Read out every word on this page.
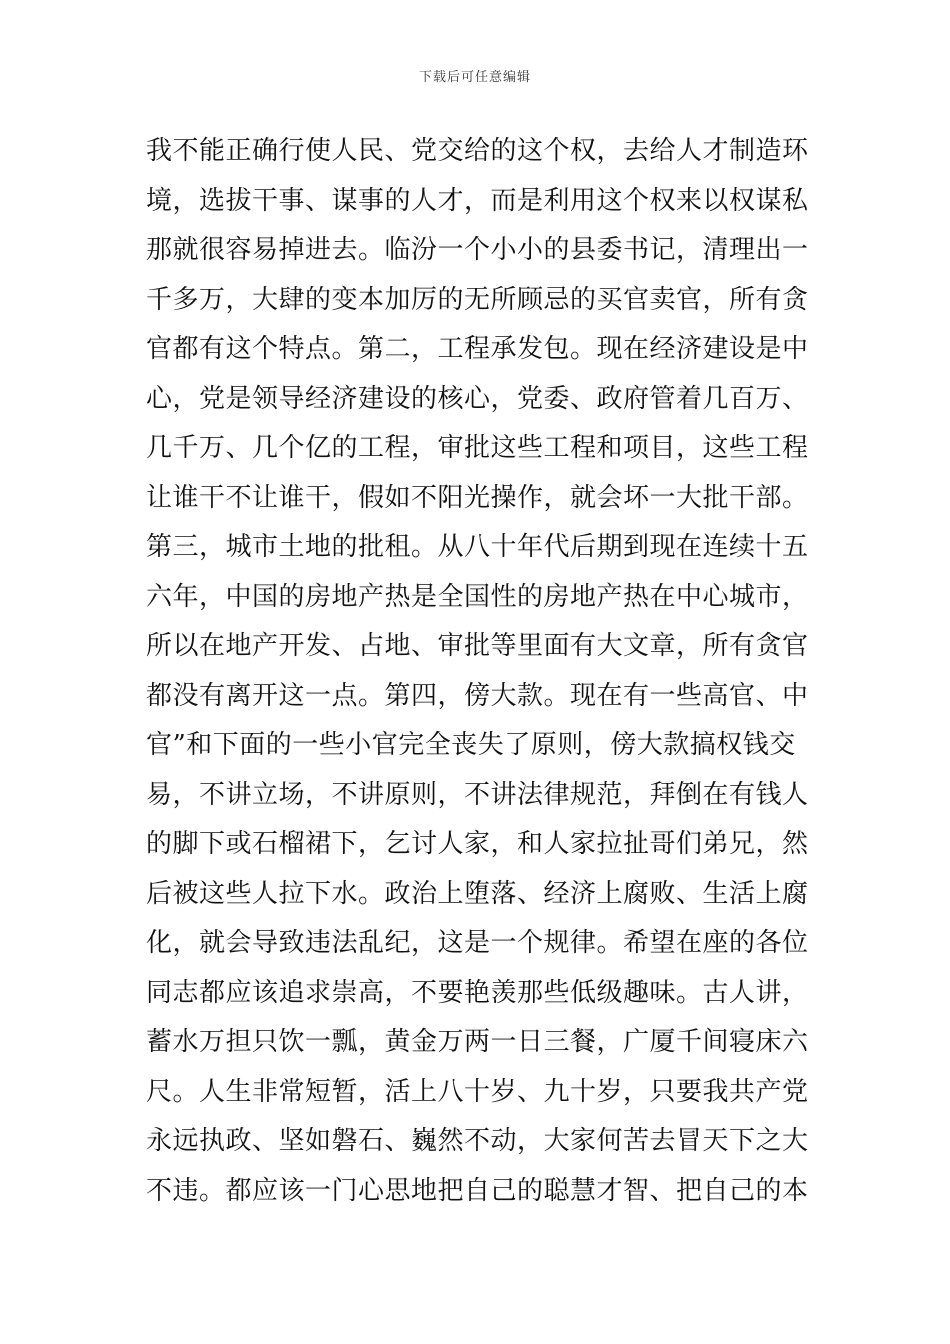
下载后可任意编辑
我不能正确行使人民、党交给的这个权，去给人才制造环
境，选拔干事、谋事的人才，而是利用这个权来以权谋私
那就很容易掉进去。临汾一个小小的县委书记，清理出一
千多万，大肆的变本加厉的无所顾忌的买官卖官，所有贪
官都有这个特点。第二，工程承发包。现在经济建设是中
心，党是领导经济建设的核心，党委、政府管着几百万、
几千万、几个亿的工程，审批这些工程和项目，这些工程
让谁干不让谁干，假如不阳光操作，就会坏一大批干部。
第三，城市土地的批租。从八十年代后期到现在连续十五
六年，中国的房地产热是全国性的房地产热在中心城市，
所以在地产开发、占地、审批等里面有大文章，所有贪官
都没有离开这一点。第四，傍大款。现在有一些高官、中
官”和下面的一些小官完全丧失了原则，傍大款搞权钱交
易，不讲立场，不讲原则，不讲法律规范，拜倒在有钱人
的脚下或石榴裙下，乞讨人家，和人家拉扯哥们弟兄，然
后被这些人拉下水。政治上堕落、经济上腐败、生活上腐
化，就会导致违法乱纪，这是一个规律。希望在座的各位
同志都应该追求崇高，不要艳羡那些低级趣味。古人讲，
蓄水万担只饮一瓢，黄金万两一日三餐，广厦千间寝床六
尺。人生非常短暂，活上八十岁、九十岁，只要我共产党
永远执政、坚如磐石、巍然不动，大家何苦去冒天下之大
不违。都应该一门心思地把自己的聪慧才智、把自己的本
